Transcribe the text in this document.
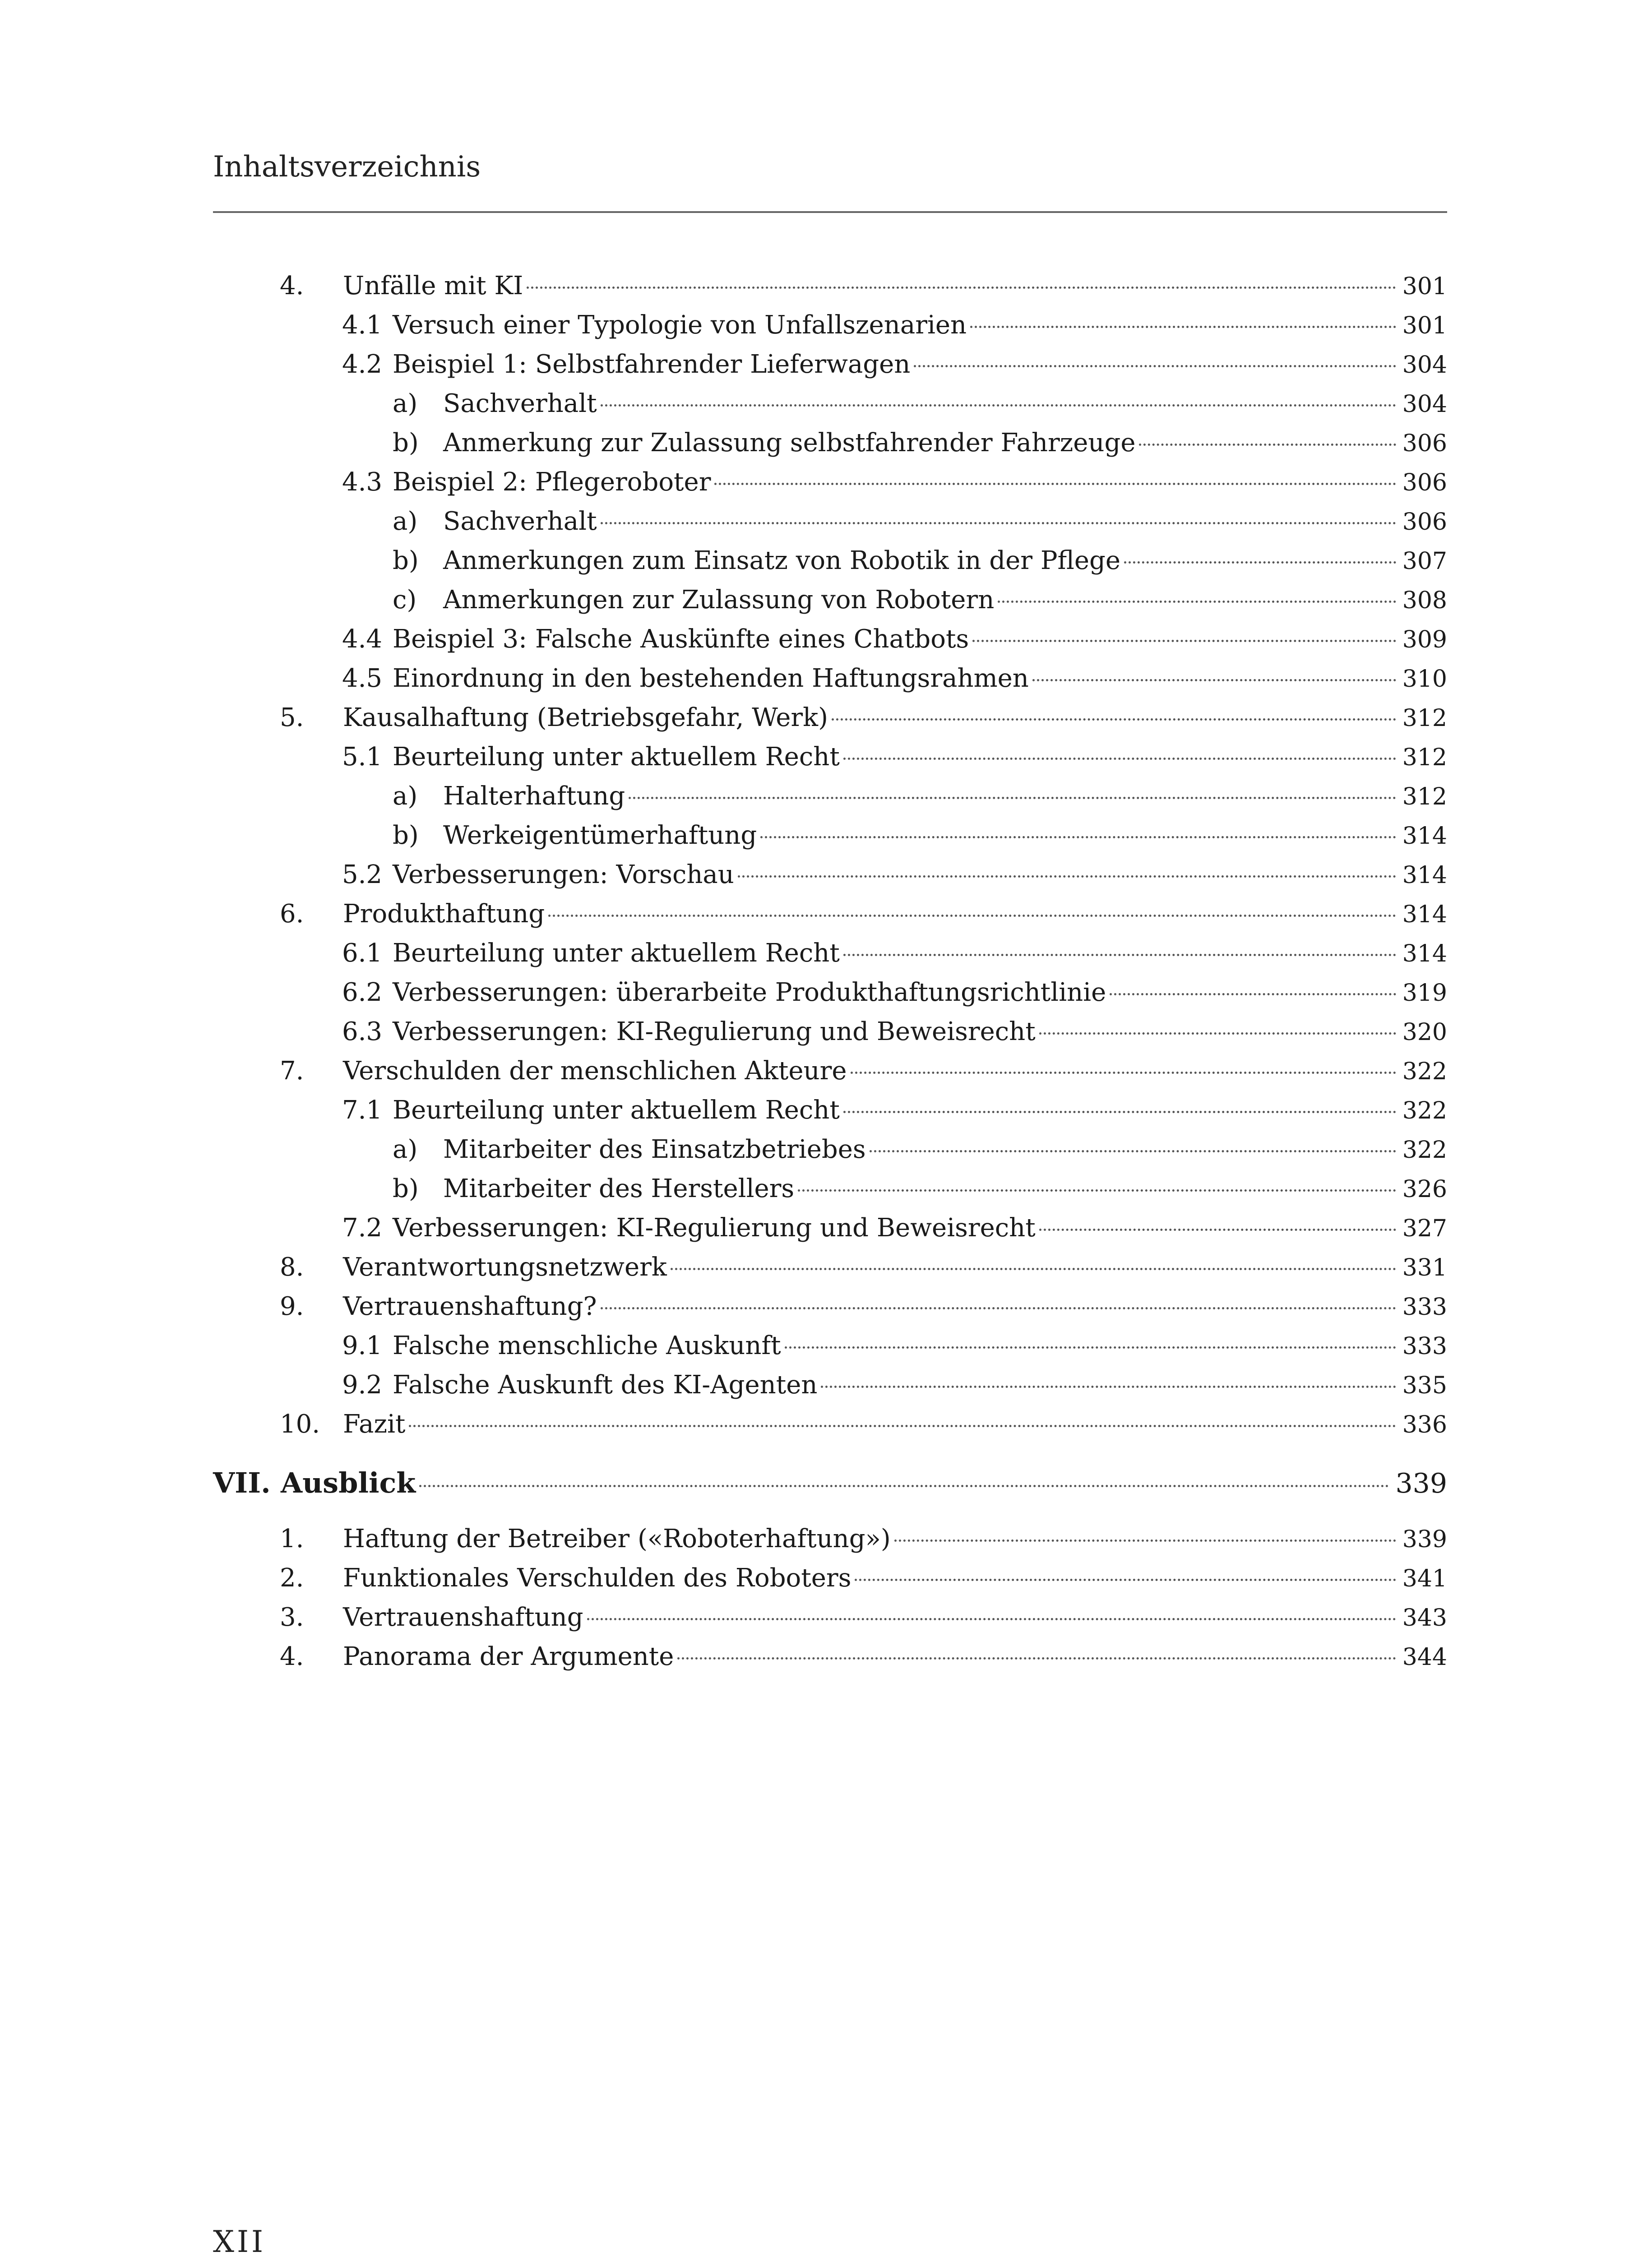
Inhaltsverzeichnis
4.	Unfälle mit KI	301
4.1 Versuch einer Typologie von Unfallszenarien	301
4.2 Beispiel 1: Selbstfahrender Lieferwagen	304
a)	Sachverhalt	304
b) Anmerkung zur Zulassung selbstfahrender Fahrzeuge	306
4.3 Beispiel 2: Pflegeroboter	306
a)	Sachverhalt	306
b) Anmerkungen zum Einsatz von Robotik in der Pflege	307
c)	Anmerkungen zur Zulassung von Robotern	308
4.4 Beispiel 3: Falsche Auskünfte eines Chatbots	309
4.5 Einordnung in den bestehenden Haftungsrahmen	310
5.	Kausalhaftung (Betriebsgefahr, Werk)	312
5.1 Beurteilung unter aktuellem Recht	312
a)	Halterhaftung	312
b) Werkeigentümerhaftung	314
5.2 Verbesserungen: Vorschau	314
6.	Produkthaftung	314
6.1 Beurteilung unter aktuellem Recht	314
6.2 Verbesserungen: überarbeite Produkthaftungsrichtlinie	319
6.3 Verbesserungen: KI-Regulierung und Beweisrecht	320
7.	Verschulden der menschlichen Akteure	322
7.1 Beurteilung unter aktuellem Recht	322
a)	Mitarbeiter des Einsatzbetriebes	322
b) Mitarbeiter des Herstellers	326
7.2 Verbesserungen: KI-Regulierung und Beweisrecht	327
8.	Verantwortungsnetzwerk	331
9.	Vertrauenshaftung?	333
9.1 Falsche menschliche Auskunft	333
9.2 Falsche Auskunft des KI-Agenten	335
10. Fazit	336
VII. Ausblick	339
1.	Haftung der Betreiber («Roboterhaftung»)	339
2.	Funktionales Verschulden des Roboters	341
3.	Vertrauenshaftung	343
4.	Panorama der Argumente	344
XII
